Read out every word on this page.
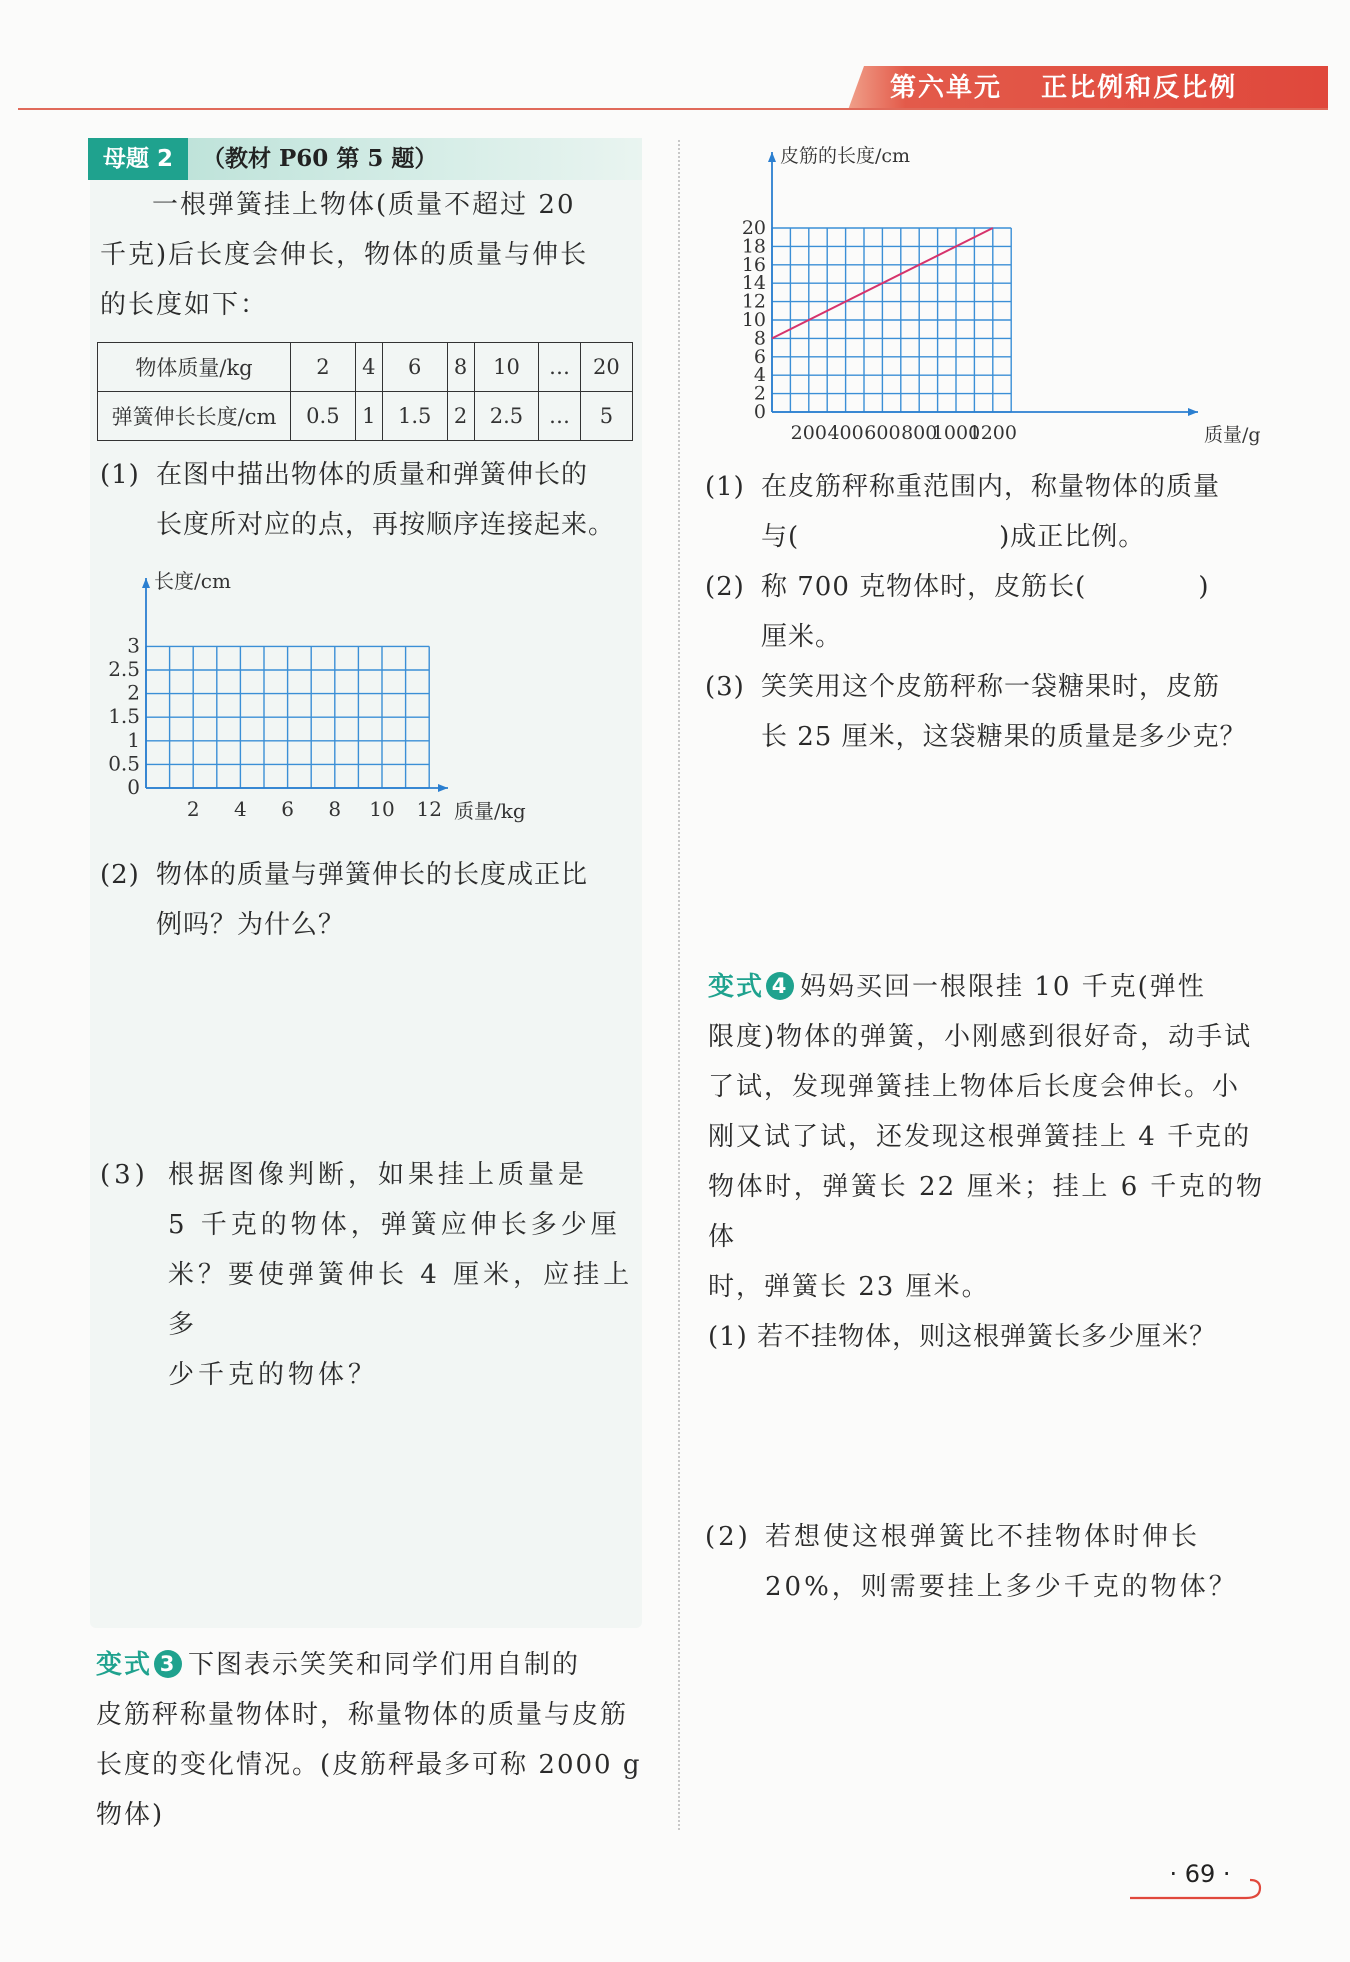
第六单元　 正比例和反比例
母题 2	（教材 P60 第 5 题）

一根弹簧挂上物体(质量不超过 20

千克)后长度会伸长，物体的质量与伸长

的长度如下：

物体质量/kg	2	4	6	8	10	…	20
弹簧伸长长度/cm	0.5	1	1.5	2	2.5	…	5
(1) 在图中描出物体的质量和弹簧伸长的
长度所对应的点，再按顺序连接起来。
0
0.5
1
1.5
2
2.5
3
2 4 6 8 10 12
长度/cm
质量/kg
(2) 物体的质量与弹簧伸长的长度成正比
例吗？为什么？
(3) 根据图像判断，如果挂上质量是
5 千克的物体，弹簧应伸长多少厘
米？要使弹簧伸长 4 厘米，应挂上多
少千克的物体？

变式 3 下图表示笑笑和同学们用自制的

皮筋秤称量物体时，称量物体的质量与皮筋

长度的变化情况。(皮筋秤最多可称 2000 g

物体)

0
2
4
6
8
10
12
14
16
18
20
200 400 600 800
1000
1200
皮筋的长度/cm
质量/g
(1) 在皮筋秤称重范围内，称量物体的质量
与(	)成正比例。
(2) 称 700 克物体时，皮筋长(	)
厘米。
(3) 笑笑用这个皮筋秤称一袋糖果时，皮筋
长 25 厘米，这袋糖果的质量是多少克？

变式 4 妈妈买回一根限挂 10 千克(弹性

限度)物体的弹簧，小刚感到很好奇，动手试

了试，发现弹簧挂上物体后长度会伸长。小

刚又试了试，还发现这根弹簧挂上 4 千克的

物体时，弹簧长 22 厘米；挂上 6 千克的物体

时，弹簧长 23 厘米。

(1) 若不挂物体，则这根弹簧长多少厘米？

(2) 若想使这根弹簧比不挂物体时伸长
20%，则需要挂上多少千克的物体？
· 69 ·
